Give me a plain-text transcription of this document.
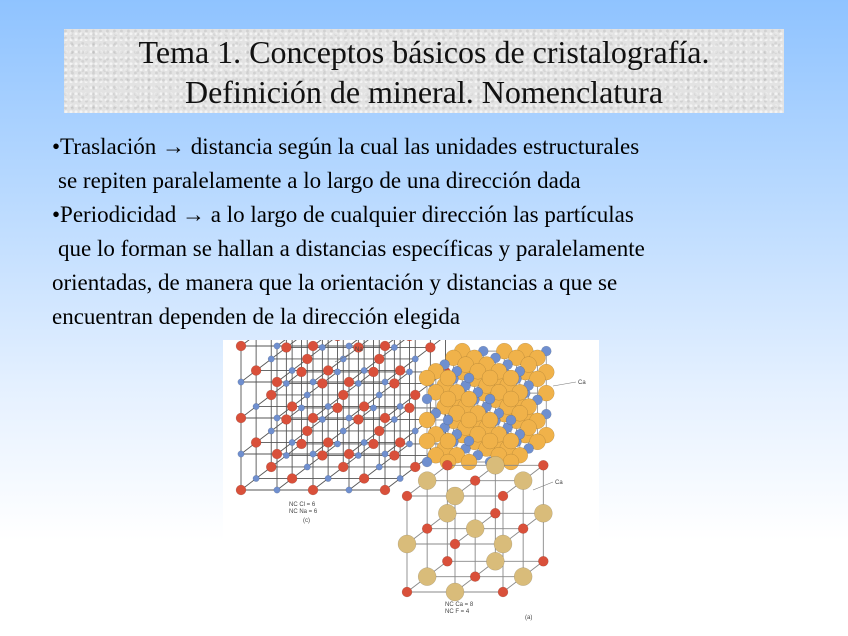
Tema 1. Conceptos básicos de cristalografía.
Definición de mineral. Nomenclatura
•Traslación → distancia según la cual las unidades estructurales
se repiten paralelamente a lo largo de una dirección dada
•Periodicidad → a lo largo de cualquier dirección las partículas
que lo forman se hallan a distancias específicas y paralelamente
orientadas, de manera que la orientación y distancias a que se
encuentran dependen de la dirección elegida
Na
NC Cl = 6
NC Na = 6
(c)
Ca
Ca
NC Ca = 8
NC F = 4
(a)
